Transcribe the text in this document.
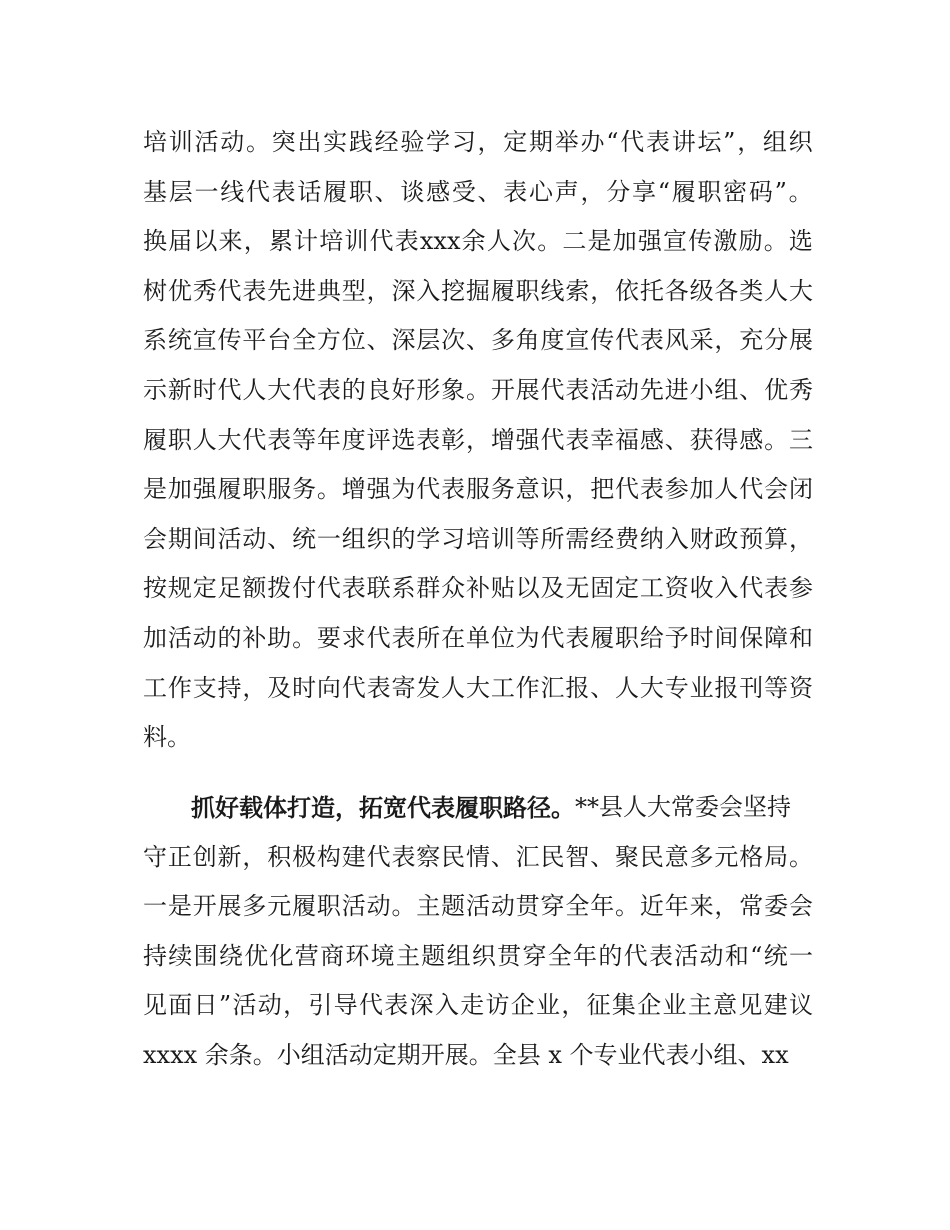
培 训 活 动 。 突 出 实 践 经 验 学 习 ， 定 期 举 办 “ 代 表 讲 坛 ” ， 组 织
基 层 一 线 代 表 话 履 职 、 谈 感 受 、 表 心 声 ， 分 享 “ 履 职 密 码 ” 。
换 届 以 来 ， 累 计 培 训 代 表 xxx 余 人 次 。 二 是 加 强 宣 传 激 励 。 选
树 优 秀 代 表 先 进 典 型 ， 深 入 挖 掘 履 职 线 索 ， 依 托 各 级 各 类 人 大
系 统 宣 传 平 台 全 方 位 、 深 层 次 、 多 角 度 宣 传 代 表 风 采 ， 充 分 展
示 新 时 代 人 大 代 表 的 良 好 形 象 。 开 展 代 表 活 动 先 进 小 组 、 优 秀
履 职 人 大 代 表 等 年 度 评 选 表 彰 ， 增 强 代 表 幸 福 感 、 获 得 感 。 三
是 加 强 履 职 服 务 。 增 强 为 代 表 服 务 意 识 ， 把 代 表 参 加 人 代 会 闭
会 期 间 活 动 、 统 一 组 织 的 学 习 培 训 等 所 需 经 费 纳 入 财 政 预 算 ，
按 规 定 足 额 拨 付 代 表 联 系 群 众 补 贴 以 及 无 固 定 工 资 收 入 代 表 参
加 活 动 的 补 助 。 要 求 代 表 所 在 单 位 为 代 表 履 职 给 予 时 间 保 障 和
工 作 支 持 ， 及 时 向 代 表 寄 发 人 大 工 作 汇 报 、 人 大 专 业 报 刊 等 资
料。
抓好载体打造，拓宽代表履职路径。 **县人大常委会坚持
守 正 创 新 ， 积 极 构 建 代 表 察 民 情 、 汇 民 智 、 聚 民 意 多 元 格 局 。
一 是 开 展 多 元 履 职 活 动 。 主 题 活 动 贯 穿 全 年 。 近 年 来 ， 常 委 会
持 续 围 绕 优 化 营 商 环 境 主 题 组 织 贯 穿 全 年 的 代 表 活 动 和 “ 统 一
见 面 日 ” 活 动 ， 引 导 代 表 深 入 走 访 企 业 ， 征 集 企 业 主 意 见 建 议
xxxx 余条。小组活动定期开展。全县 x 个专业代表小组、xx
